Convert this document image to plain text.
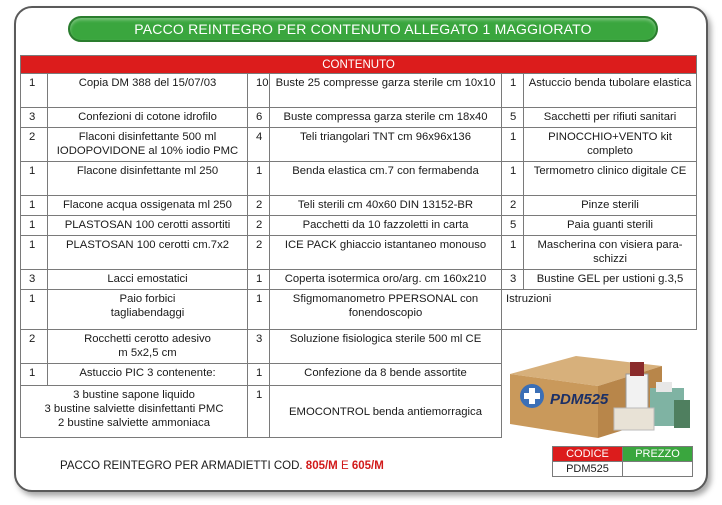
PACCO REINTEGRO PER CONTENUTO ALLEGATO 1 MAGGIORATO
CONTENUTO					
1	Copia DM 388 del 15/07/03	10	Buste 25 compresse garza sterile cm 10x10	1	Astuccio benda tubolare elastica
3	Confezioni di cotone idrofilo	6	Buste compressa garza sterile cm 18x40	5	Sacchetti per rifiuti sanitari
2	Flaconi disinfettante 500 ml
IODOPOVIDONE al 10% iodio PMC	4	Teli triangolari TNT cm 96x96x136	1	PINOCCHIO+VENTO kit completo
1	Flacone disinfettante ml 250	1	Benda elastica cm.7 con fermabenda	1	Termometro clinico digitale CE
1	Flacone acqua ossigenata ml 250	2	Teli sterili cm 40x60 DIN 13152-BR	2	Pinze sterili
1	PLASTOSAN 100 cerotti assortiti	2	Pacchetti da 10 fazzoletti in carta	5	Paia guanti sterili
1	PLASTOSAN 100 cerotti cm.7x2	2	ICE PACK ghiaccio istantaneo monouso	1	Mascherina con visiera para-schizzi
3	Lacci emostatici	1	Coperta isotermica oro/arg. cm 160x210	3	Bustine GEL per ustioni g.3,5
1	Paio forbici
tagliabendaggi	1	Sfigmomanometro PPERSONAL con fonendoscopio	Istruzioni	
2	Rocchetti cerotto adesivo
m 5x2,5 cm	3	Soluzione fisiologica sterile 500 ml CE		
1	Astuccio PIC 3 contenente:	1	Confezione da 8 bende assortite		
3 bustine sapone liquido
3 bustine salviette disinfettanti PMC
2 bustine salviette ammoniaca		1	EMOCONTROL benda antiemorragica		
PDM525
PACCO REINTEGRO PER ARMADIETTI COD. 805/M E 605/M
CODICE	PREZZO
PDM525	
